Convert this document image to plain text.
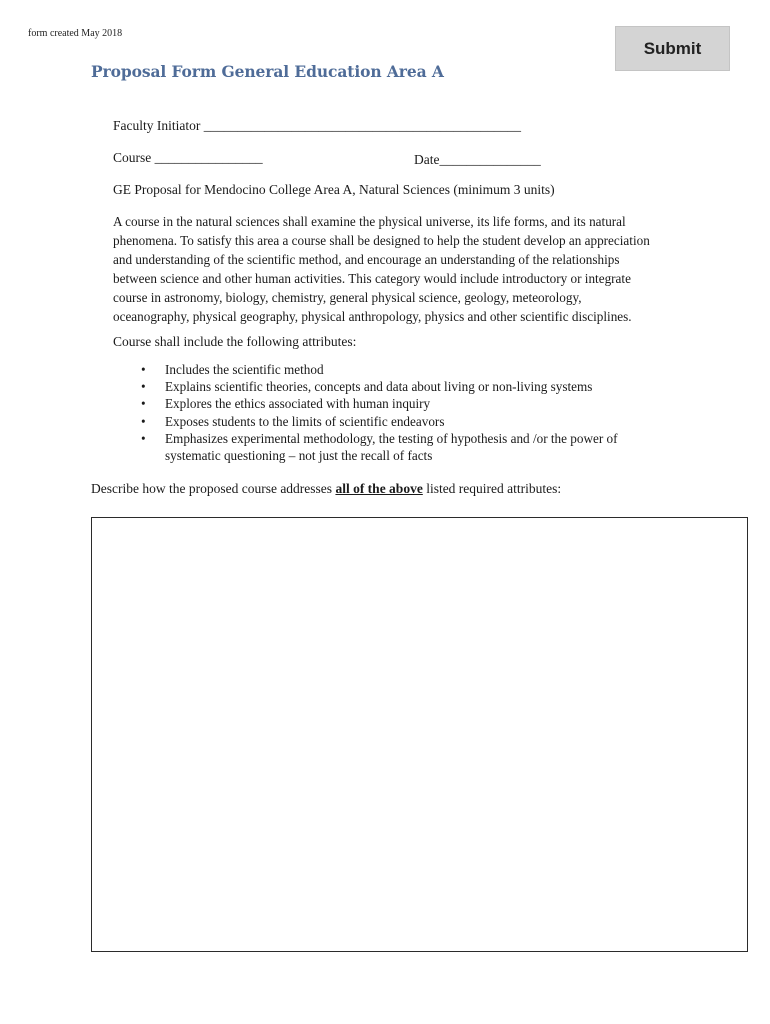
form created May 2018
Submit
Proposal Form General Education Area A
Faculty Initiator _______________________________________________
Course ________________	Date_______________
GE Proposal for Mendocino College Area A, Natural Sciences (minimum 3 units)

A course in the natural sciences shall examine the physical universe, its life forms, and its natural
phenomena. To satisfy this area a course shall be designed to help the student develop an appreciation
and understanding of the scientific method, and encourage an understanding of the relationships
between science and other human activities. This category would include introductory or integrate
course in astronomy, biology, chemistry, general physical science, geology, meteorology,
oceanography, physical geography, physical anthropology, physics and other scientific disciplines.

Course shall include the following attributes:
• Includes the scientific method
• Explains scientific theories, concepts and data about living or non-living systems
• Explores the ethics associated with human inquiry
• Exposes students to the limits of scientific endeavors
• Emphasizes experimental methodology, the testing of hypothesis and /or the power of systematic questioning – not just the recall of facts
Describe how the proposed course addresses all of the above listed required attributes:
